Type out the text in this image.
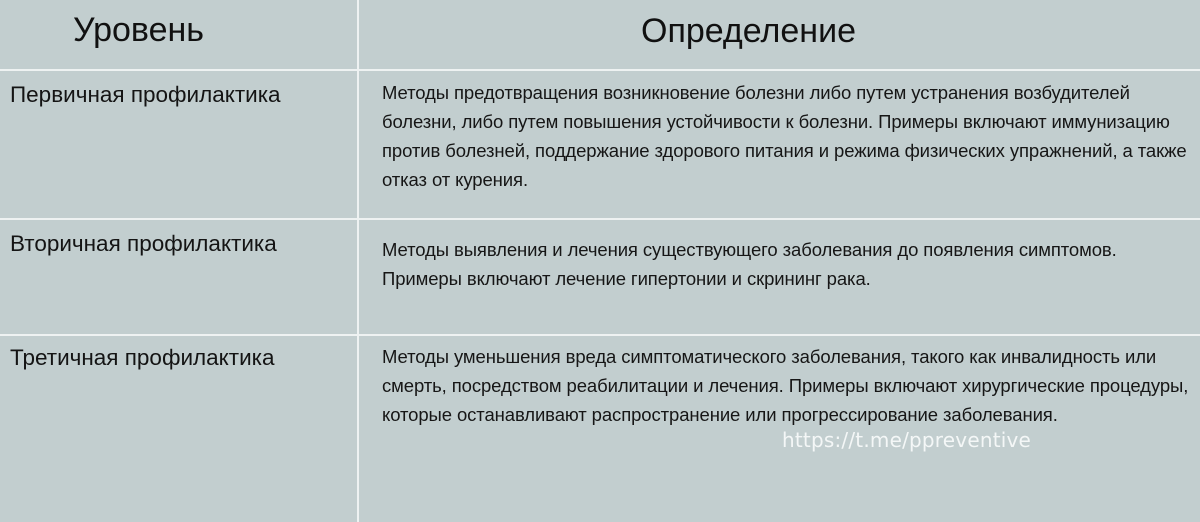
Уровень	Определение
Первичная профилактика	Методы предотвращения возникновение болезни либо путем устранения возбудителей болезни, либо путем повышения устойчивости к болезни. Примеры включают иммунизацию против болезней, поддержание здорового питания и режима физических упражнений, а также отказ от курения.
Вторичная профилактика	Методы выявления и лечения существующего заболевания до появления симптомов. Примеры включают лечение гипертонии и скрининг рака.
Третичная профилактика	Методы уменьшения вреда симптоматического заболевания, такого как инвалидность или смерть, посредством реабилитации и лечения. Примеры включают хирургические процедуры, которые останавливают распространение или прогрессирование заболевания.
https://t.me/ppreventive
